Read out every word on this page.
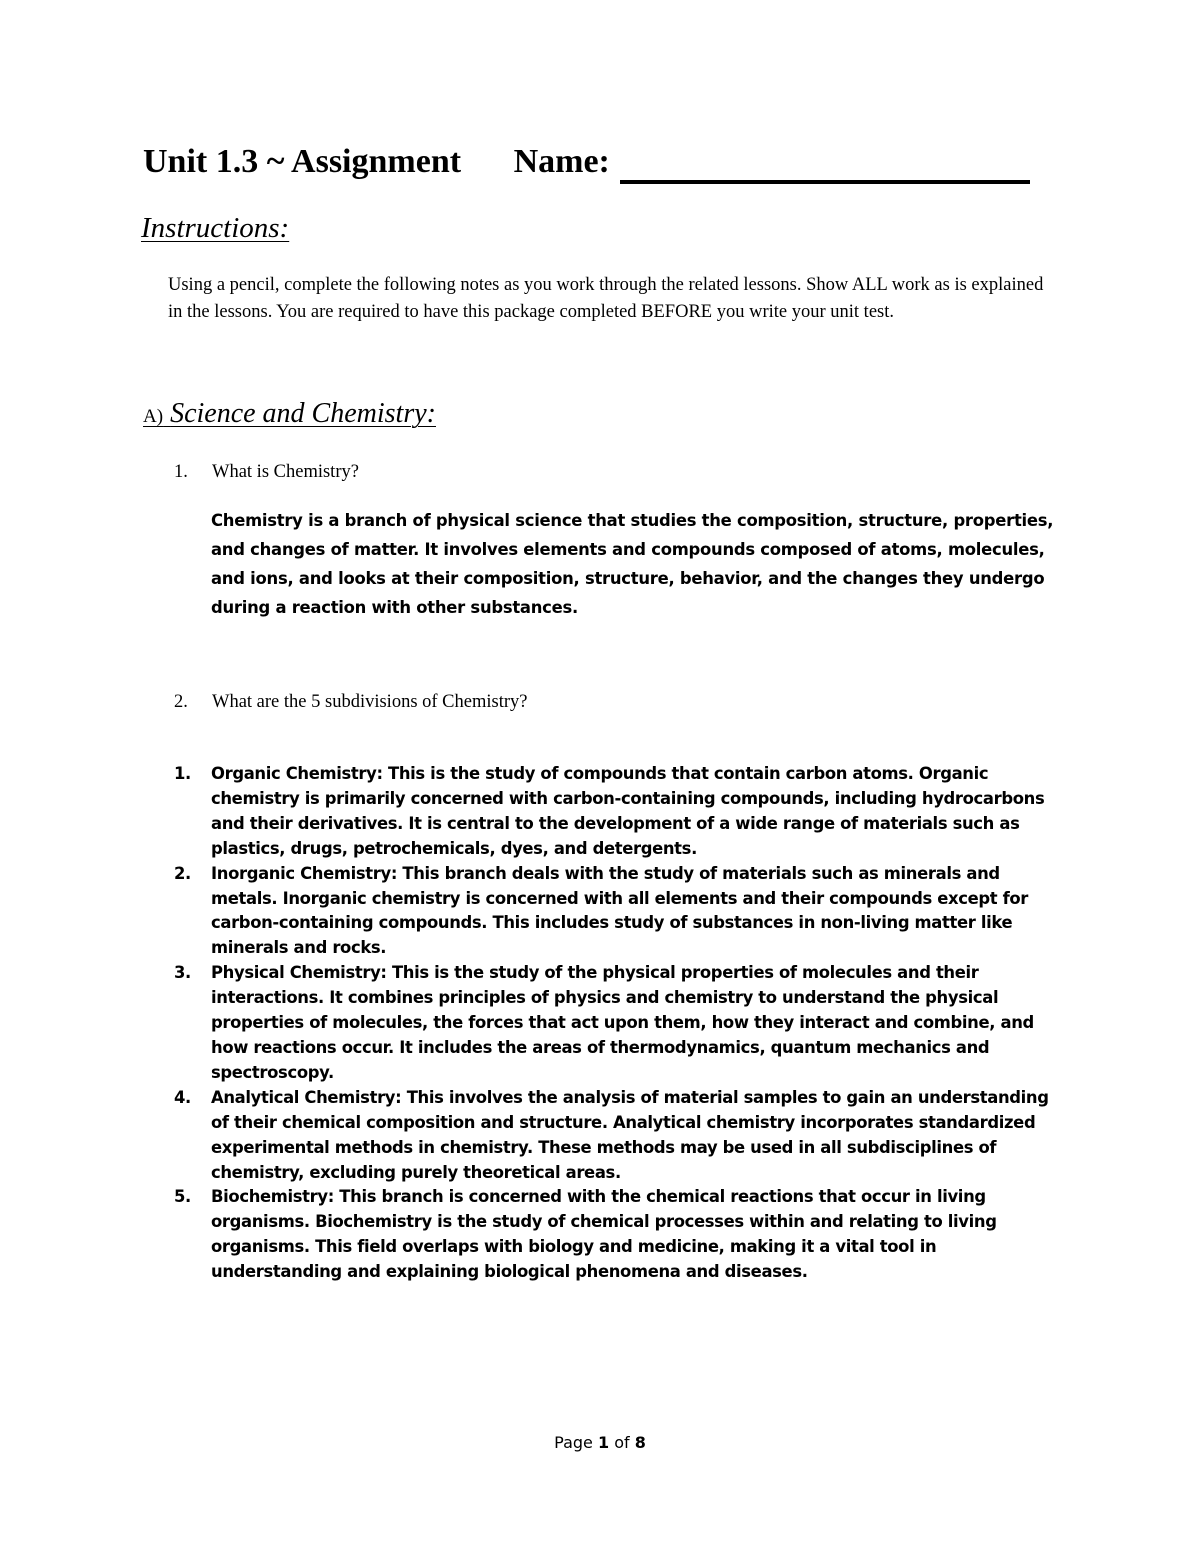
Unit 1.3 ~ Assignment Name:
Instructions:
Using a pencil, complete the following notes as you work through the related lessons. Show ALL work as is explained in the lessons. You are required to have this package completed BEFORE you write your unit test.
A) Science and Chemistry:
1. What is Chemistry?
Chemistry is a branch of physical science that studies the composition, structure, properties, and changes of matter. It involves elements and compounds composed of atoms, molecules, and ions, and looks at their composition, structure, behavior, and the changes they undergo during a reaction with other substances.
2. What are the 5 subdivisions of Chemistry?
1. Organic Chemistry: This is the study of compounds that contain carbon atoms. Organic chemistry is primarily concerned with carbon-containing compounds, including hydrocarbons and their derivatives. It is central to the development of a wide range of materials such as plastics, drugs, petrochemicals, dyes, and detergents.
2. Inorganic Chemistry: This branch deals with the study of materials such as minerals and metals. Inorganic chemistry is concerned with all elements and their compounds except for carbon-containing compounds. This includes study of substances in non-living matter like minerals and rocks.
3. Physical Chemistry: This is the study of the physical properties of molecules and their interactions. It combines principles of physics and chemistry to understand the physical properties of molecules, the forces that act upon them, how they interact and combine, and how reactions occur. It includes the areas of thermodynamics, quantum mechanics and spectroscopy.
4. Analytical Chemistry: This involves the analysis of material samples to gain an understanding of their chemical composition and structure. Analytical chemistry incorporates standardized experimental methods in chemistry. These methods may be used in all subdisciplines of chemistry, excluding purely theoretical areas.
5. Biochemistry: This branch is concerned with the chemical reactions that occur in living organisms. Biochemistry is the study of chemical processes within and relating to living organisms. This field overlaps with biology and medicine, making it a vital tool in understanding and explaining biological phenomena and diseases.
Page 1 of 8
